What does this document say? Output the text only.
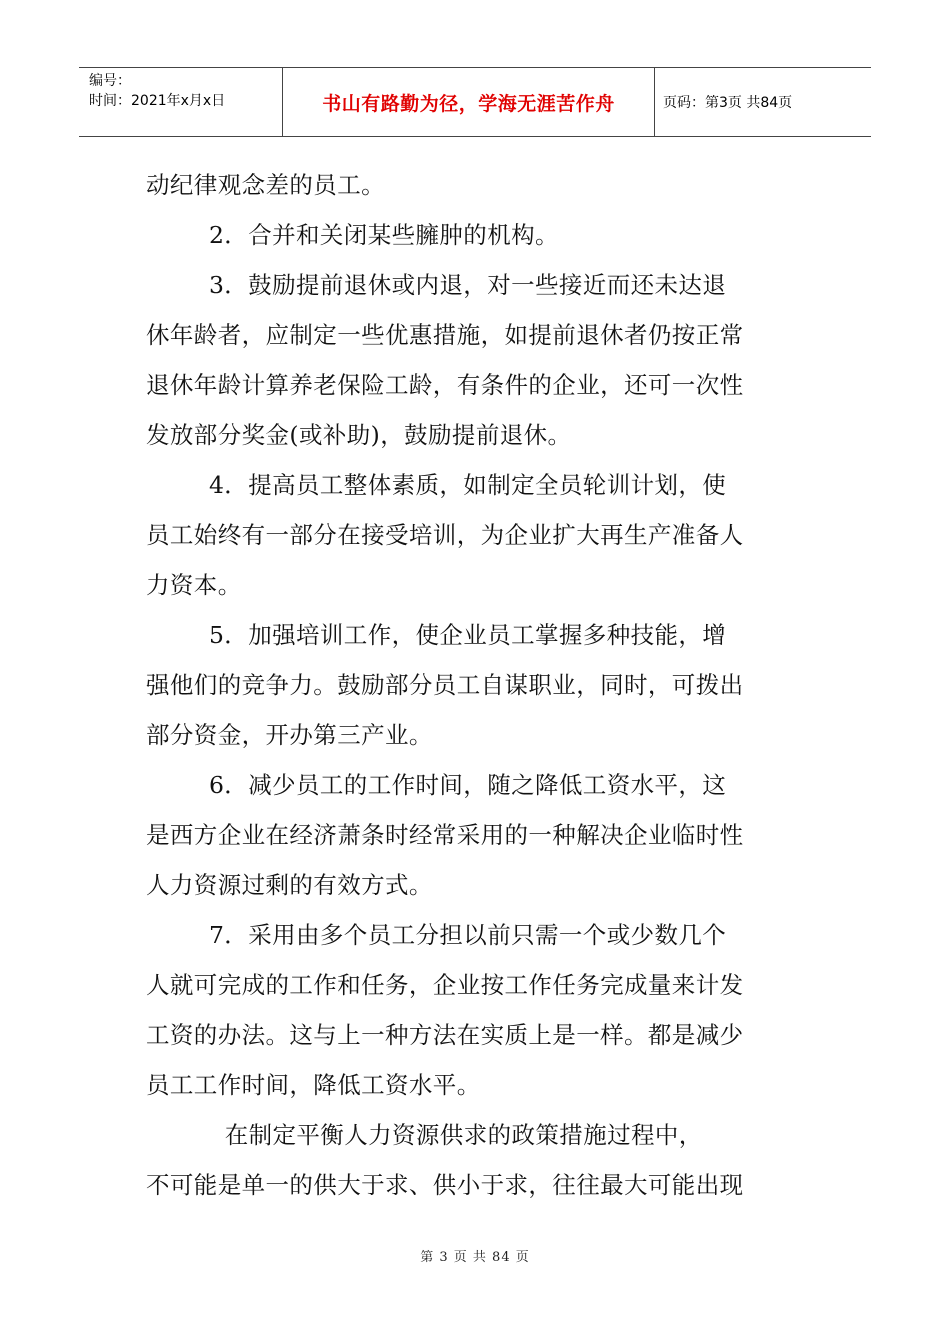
编号：
时间：2021年x月x日	书山有路勤为径，学海无涯苦作舟	页码：第3页 共84页
动纪律观念差的员工。
2．合并和关闭某些臃肿的机构。
3．鼓励提前退休或内退，对一些接近而还未达退
休年龄者，应制定一些优惠措施，如提前退休者仍按正常
退休年龄计算养老保险工龄，有条件的企业，还可一次性
发放部分奖金(或补助)，鼓励提前退休。
4．提高员工整体素质，如制定全员轮训计划，使
员工始终有一部分在接受培训，为企业扩大再生产准备人
力资本。
5．加强培训工作，使企业员工掌握多种技能，增
强他们的竞争力。鼓励部分员工自谋职业，同时，可拨出
部分资金，开办第三产业。
6．减少员工的工作时间，随之降低工资水平，这
是西方企业在经济萧条时经常采用的一种解决企业临时性
人力资源过剩的有效方式。
7．采用由多个员工分担以前只需一个或少数几个
人就可完成的工作和任务，企业按工作任务完成量来计发
工资的办法。这与上一种方法在实质上是一样。都是减少
员工工作时间，降低工资水平。
在制定平衡人力资源供求的政策措施过程中，
不可能是单一的供大于求、供小于求，往往最大可能出现
第 3 页 共 84 页
